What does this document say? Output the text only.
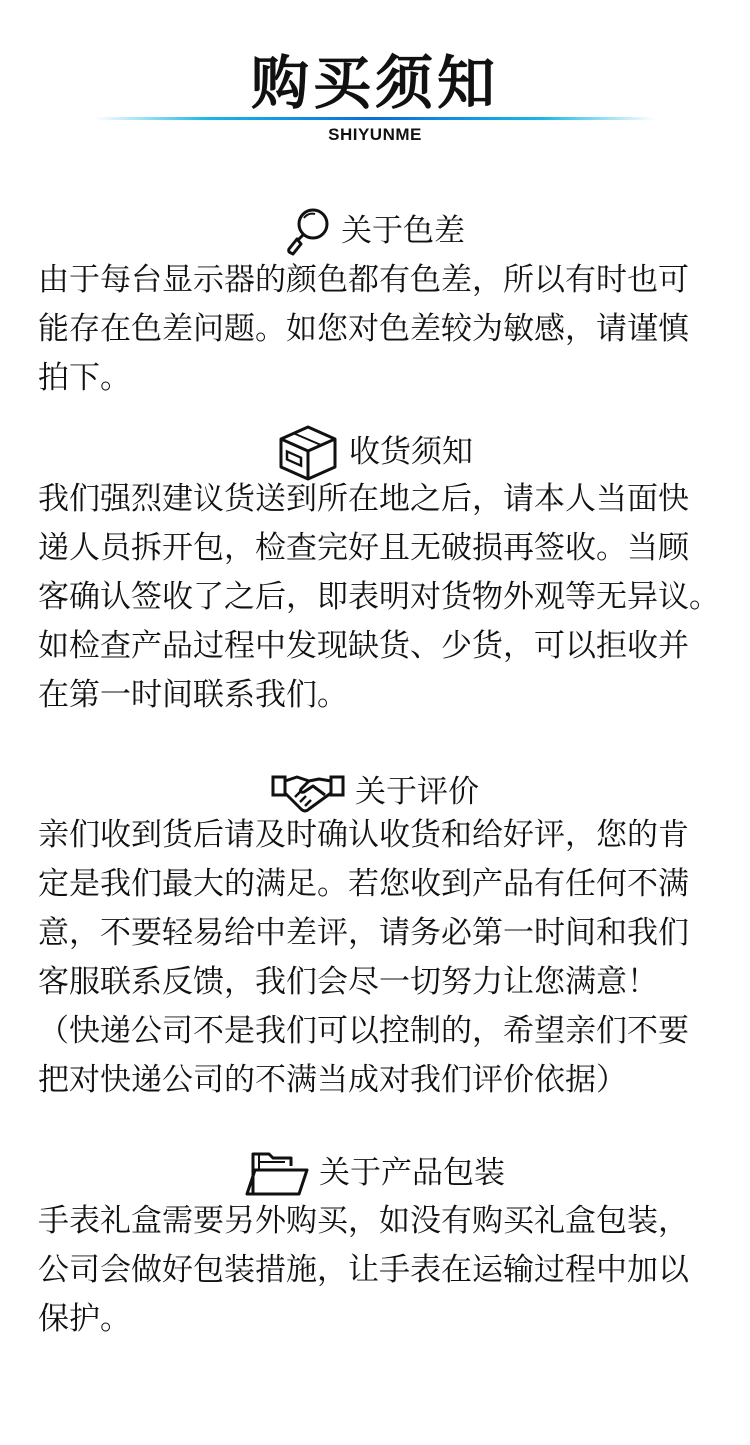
购买须知
SHIYUNME
关于色差
由于每台显示器的颜色都有色差，所以有时也可
能存在色差问题。如您对色差较为敏感，请谨慎
拍下。
收货须知
我们强烈建议货送到所在地之后，请本人当面快
递人员拆开包，检查完好且无破损再签收。当顾
客确认签收了之后，即表明对货物外观等无异议。
如检查产品过程中发现缺货、少货，可以拒收并
在第一时间联系我们。
关于评价
亲们收到货后请及时确认收货和给好评，您的肯
定是我们最大的满足。若您收到产品有任何不满
意，不要轻易给中差评，请务必第一时间和我们
客服联系反馈，我们会尽一切努力让您满意！
（快递公司不是我们可以控制的，希望亲们不要
把对快递公司的不满当成对我们评价依据）
关于产品包装
手表礼盒需要另外购买，如没有购买礼盒包装，
公司会做好包装措施，让手表在运输过程中加以
保护。
